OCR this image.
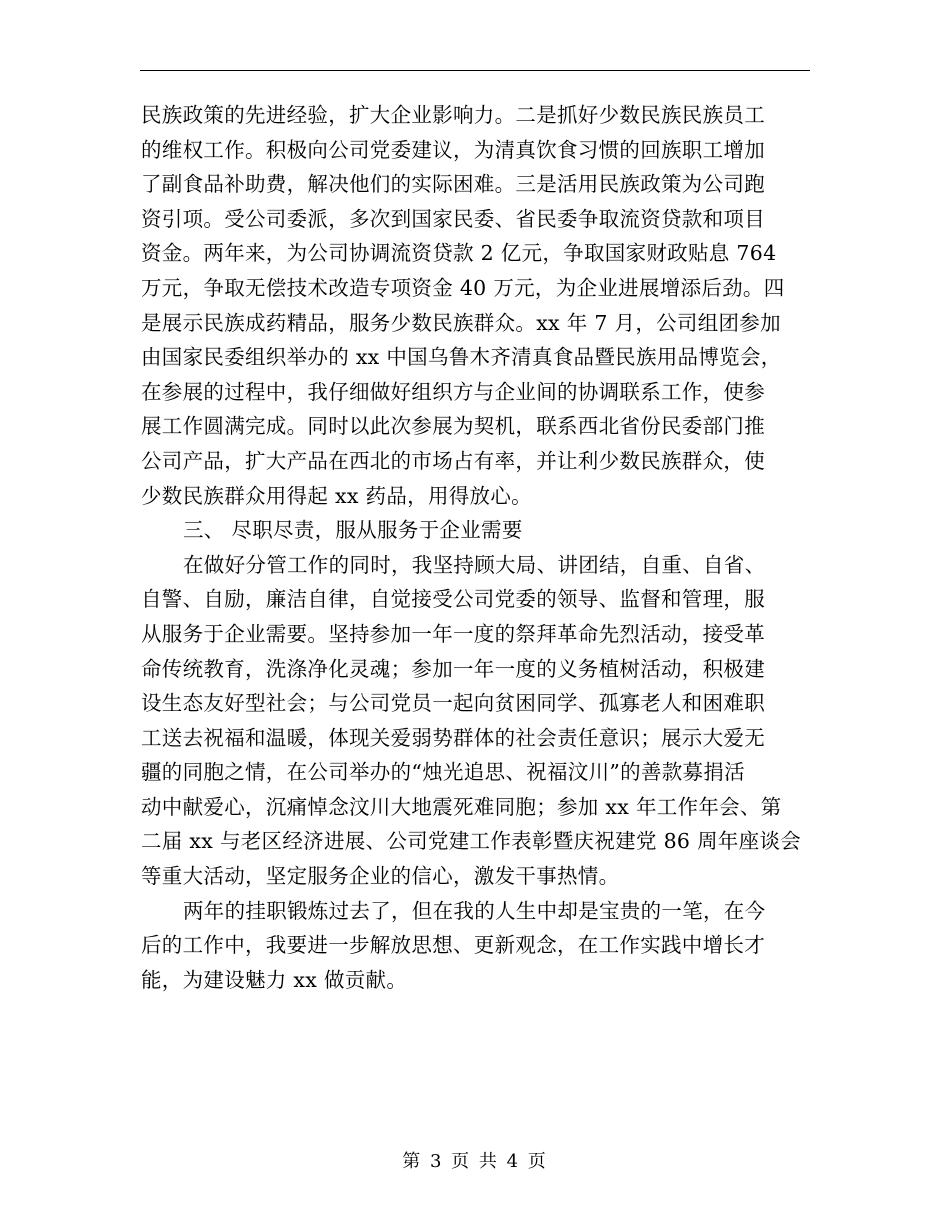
民族政策的先进经验，扩大企业影响力。二是抓好少数民族民族员工
的维权工作。积极向公司党委建议，为清真饮食习惯的回族职工增加
了副食品补助费，解决他们的实际困难。三是活用民族政策为公司跑
资引项。受公司委派，多次到国家民委、省民委争取流资贷款和项目
资金。两年来，为公司协调流资贷款 2 亿元，争取国家财政贴息 764
万元，争取无偿技术改造专项资金 40 万元，为企业进展增添后劲。四
是展示民族成药精品，服务少数民族群众。xx 年 7 月，公司组团参加
由国家民委组织举办的 xx 中国乌鲁木齐清真食品暨民族用品博览会，
在参展的过程中，我仔细做好组织方与企业间的协调联系工作，使参
展工作圆满完成。同时以此次参展为契机，联系西北省份民委部门推
公司产品，扩大产品在西北的市场占有率，并让利少数民族群众，使
少数民族群众用得起 xx 药品，用得放心。
三、 尽职尽责，服从服务于企业需要
在做好分管工作的同时，我坚持顾大局、讲团结，自重、自省、
自警、自励，廉洁自律，自觉接受公司党委的领导、监督和管理，服
从服务于企业需要。坚持参加一年一度的祭拜革命先烈活动，接受革
命传统教育，洗涤净化灵魂；参加一年一度的义务植树活动，积极建
设生态友好型社会；与公司党员一起向贫困同学、孤寡老人和困难职
工送去祝福和温暖，体现关爱弱势群体的社会责任意识；展示大爱无
疆的同胞之情，在公司举办的“烛光追思、祝福汶川”的善款募捐活
动中献爱心，沉痛悼念汶川大地震死难同胞；参加 xx 年工作年会、第
二届 xx 与老区经济进展、公司党建工作表彰暨庆祝建党 86 周年座谈会
等重大活动，坚定服务企业的信心，激发干事热情。
两年的挂职锻炼过去了，但在我的人生中却是宝贵的一笔，在今
后的工作中，我要进一步解放思想、更新观念，在工作实践中增长才
能，为建设魅力 xx 做贡献。
第 3 页 共 4 页
